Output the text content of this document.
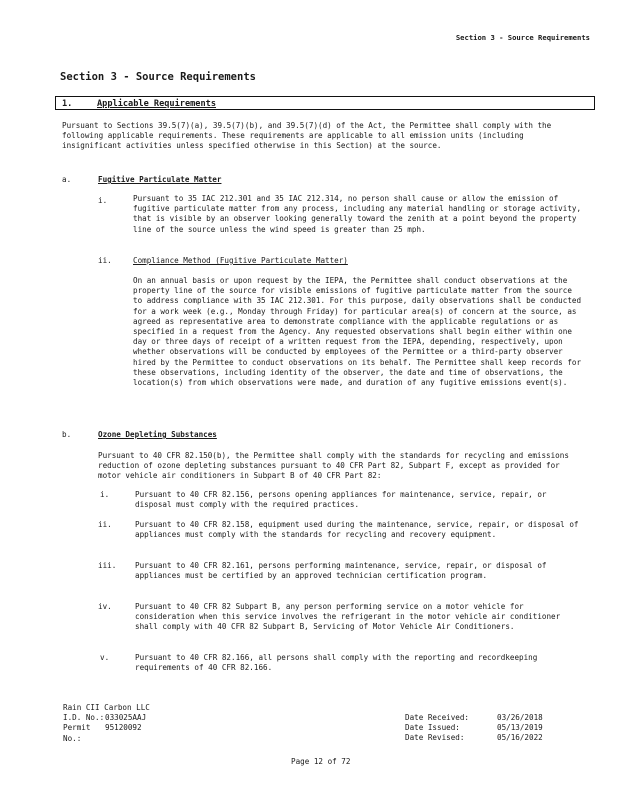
Section 3 - Source Requirements
Section 3 - Source Requirements
1.	Applicable Requirements
Pursuant to Sections 39.5(7)(a), 39.5(7)(b), and 39.5(7)(d) of the Act, the Permittee shall comply with the following applicable requirements. These requirements are applicable to all emission units (including insignificant activities unless specified otherwise in this Section) at the source.
a.	Fugitive Particulate Matter
i.	Pursuant to 35 IAC 212.301 and 35 IAC 212.314, no person shall cause or allow the emission of fugitive particulate matter from any process, including any material handling or storage activity, that is visible by an observer looking generally toward the zenith at a point beyond the property line of the source unless the wind speed is greater than 25 mph.
ii.	Compliance Method (Fugitive Particulate Matter)
On an annual basis or upon request by the IEPA, the Permittee shall conduct observations at the property line of the source for visible emissions of fugitive particulate matter from the source to address compliance with 35 IAC 212.301. For this purpose, daily observations shall be conducted for a work week (e.g., Monday through Friday) for particular area(s) of concern at the source, as agreed as representative area to demonstrate compliance with the applicable regulations or as specified in a request from the Agency. Any requested observations shall begin either within one day or three days of receipt of a written request from the IEPA, depending, respectively, upon whether observations will be conducted by employees of the Permittee or a third-party observer hired by the Permittee to conduct observations on its behalf. The Permittee shall keep records for these observations, including identity of the observer, the date and time of observations, the location(s) from which observations were made, and duration of any fugitive emissions event(s).
b.	Ozone Depleting Substances
Pursuant to 40 CFR 82.150(b), the Permittee shall comply with the standards for recycling and emissions reduction of ozone depleting substances pursuant to 40 CFR Part 82, Subpart F, except as provided for motor vehicle air conditioners in Subpart B of 40 CFR Part 82:
i.	Pursuant to 40 CFR 82.156, persons opening appliances for maintenance, service, repair, or disposal must comply with the required practices.
ii.	Pursuant to 40 CFR 82.158, equipment used during the maintenance, service, repair, or disposal of appliances must comply with the standards for recycling and recovery equipment.
iii. Pursuant to 40 CFR 82.161, persons performing maintenance, service, repair, or disposal of appliances must be certified by an approved technician certification program.
iv.	Pursuant to 40 CFR 82 Subpart B, any person performing service on a motor vehicle for consideration when this service involves the refrigerant in the motor vehicle air conditioner shall comply with 40 CFR 82 Subpart B, Servicing of Motor Vehicle Air Conditioners.
v.	Pursuant to 40 CFR 82.166, all persons shall comply with the reporting and recordkeeping requirements of 40 CFR 82.166.
Rain CII Carbon LLC
I.D. No.: 033025AAJ
Permit No.:
95120092
Date Received:	03/26/2018
Date Issued:	05/13/2019
Date Revised:	05/16/2022
Page 12 of 72
